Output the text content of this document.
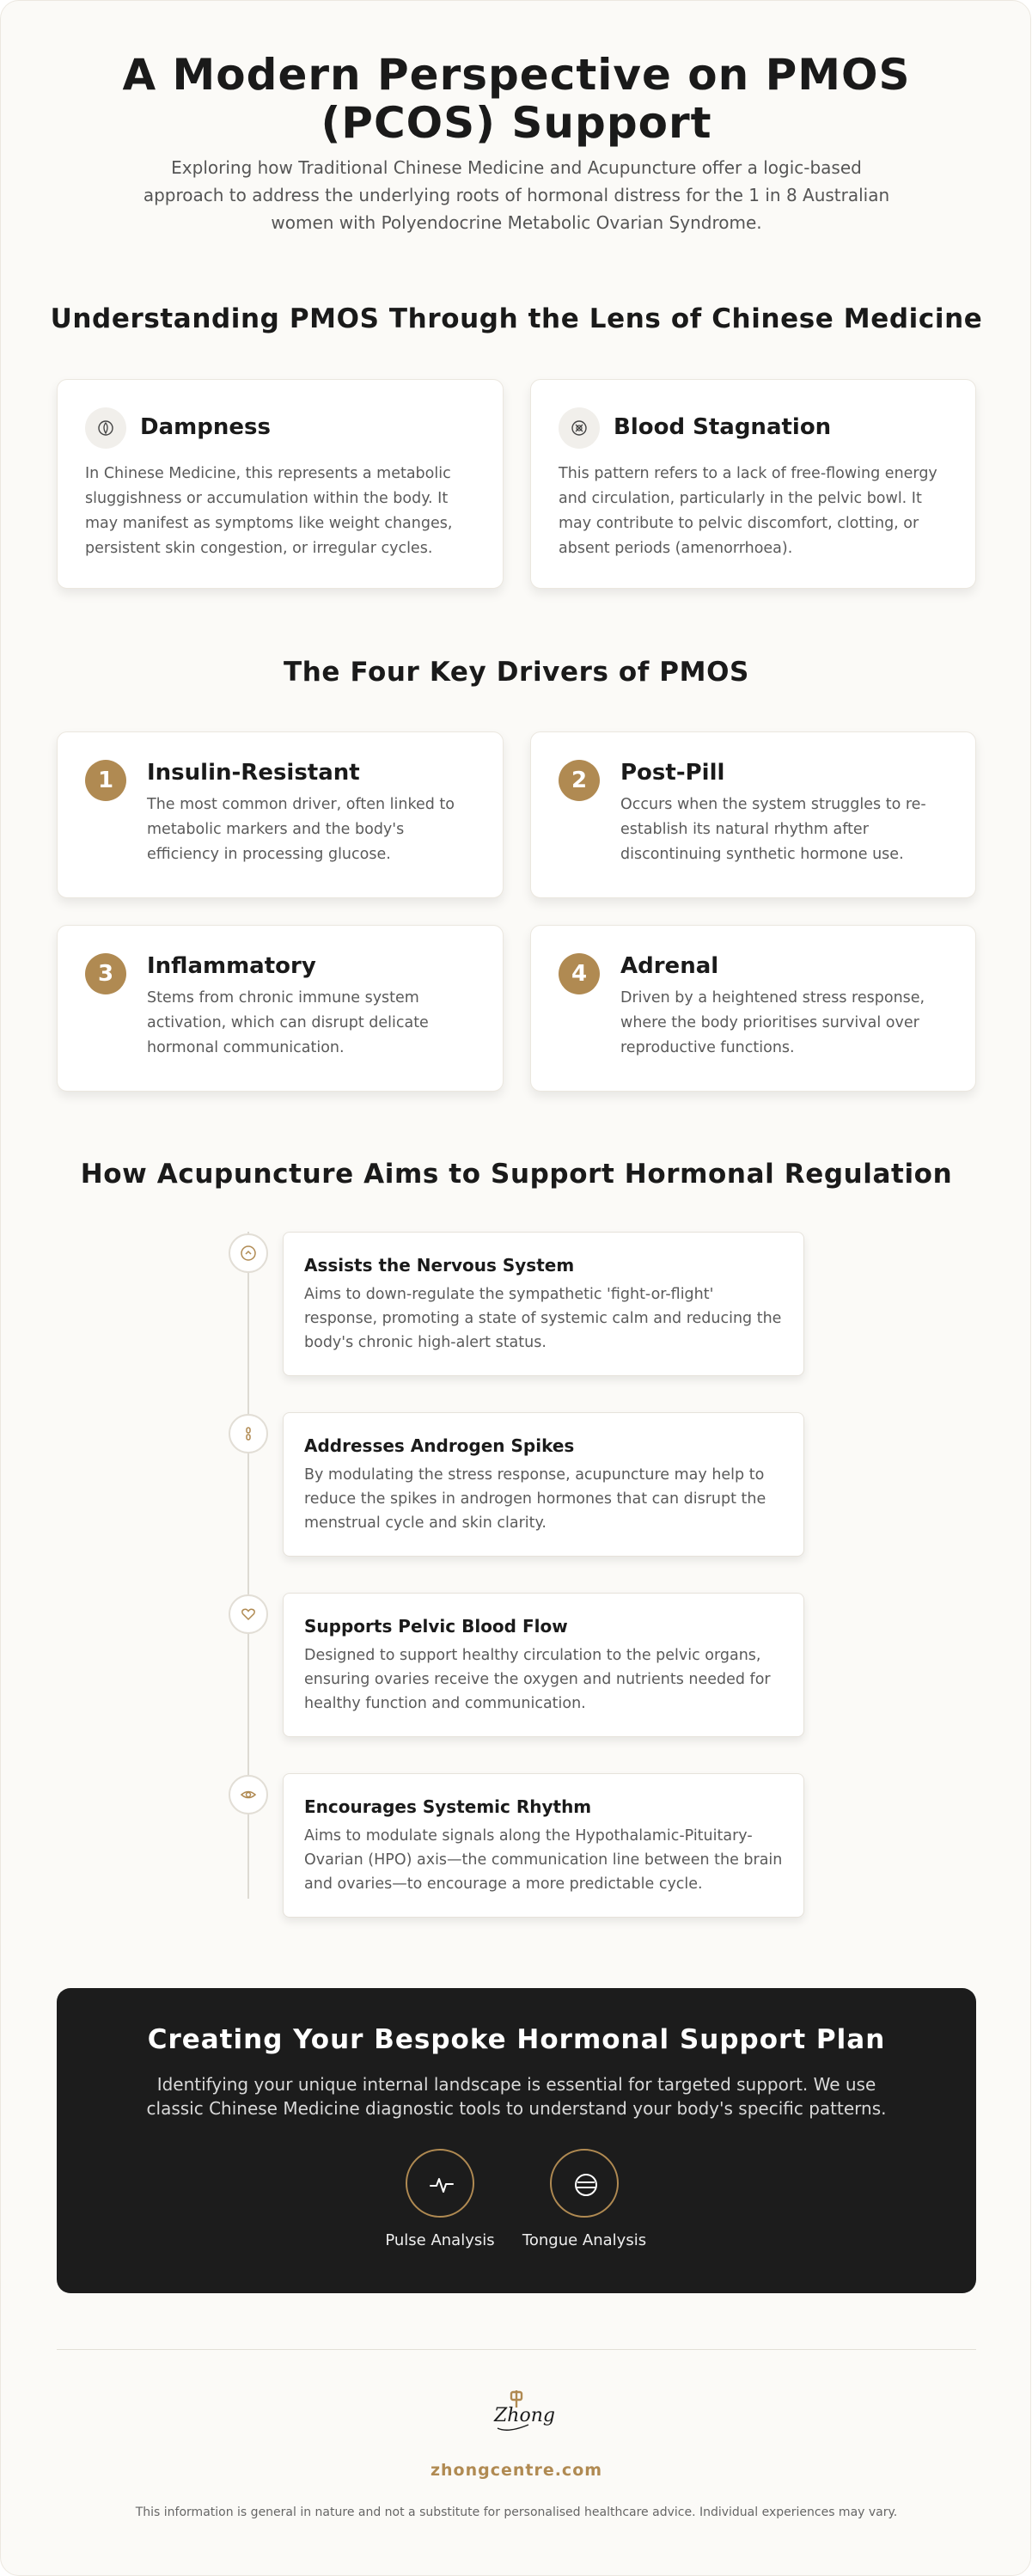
A Modern Perspective on PMOS (PCOS) Support

Exploring how Traditional Chinese Medicine and Acupuncture offer a logic-based approach to address the underlying roots of hormonal distress for the 1 in 8 Australian women with Polyendocrine Metabolic Ovarian Syndrome.

Understanding PMOS Through the Lens of Chinese Medicine
Dampness

In Chinese Medicine, this represents a metabolic sluggishness or accumulation within the body. It may manifest as symptoms like weight changes, persistent skin congestion, or irregular cycles.

Blood Stagnation

This pattern refers to a lack of free-flowing energy and circulation, particularly in the pelvic bowl. It may contribute to pelvic discomfort, clotting, or absent periods (amenorrhoea).

The Four Key Drivers of PMOS
1	Insulin-Resistant

The most common driver, often linked to metabolic markers and the body's efficiency in processing glucose.

2	Post-Pill

Occurs when the system struggles to re-establish its natural rhythm after discontinuing synthetic hormone use.

3	Inflammatory

Stems from chronic immune system activation, which can disrupt delicate hormonal communication.

4	Adrenal

Driven by a heightened stress response, where the body prioritises survival over reproductive functions.

How Acupuncture Aims to Support Hormonal Regulation
Assists the Nervous System

Aims to down-regulate the sympathetic 'fight-or-flight' response, promoting a state of systemic calm and reducing the body's chronic high-alert status.

Addresses Androgen Spikes

By modulating the stress response, acupuncture may help to reduce the spikes in androgen hormones that can disrupt the menstrual cycle and skin clarity.

Supports Pelvic Blood Flow

Designed to support healthy circulation to the pelvic organs, ensuring ovaries receive the oxygen and nutrients needed for healthy function and communication.

Encourages Systemic Rhythm

Aims to modulate signals along the Hypothalamic-Pituitary-Ovarian (HPO) axis—the communication line between the brain and ovaries—to encourage a more predictable cycle.

Creating Your Bespoke Hormonal Support Plan

Identifying your unique internal landscape is essential for targeted support. We use classic Chinese Medicine diagnostic tools to understand your body's specific patterns.

Pulse Analysis	Tongue Analysis
Zhong
zhongcentre.com

This information is general in nature and not a substitute for personalised healthcare advice. Individual experiences may vary.
